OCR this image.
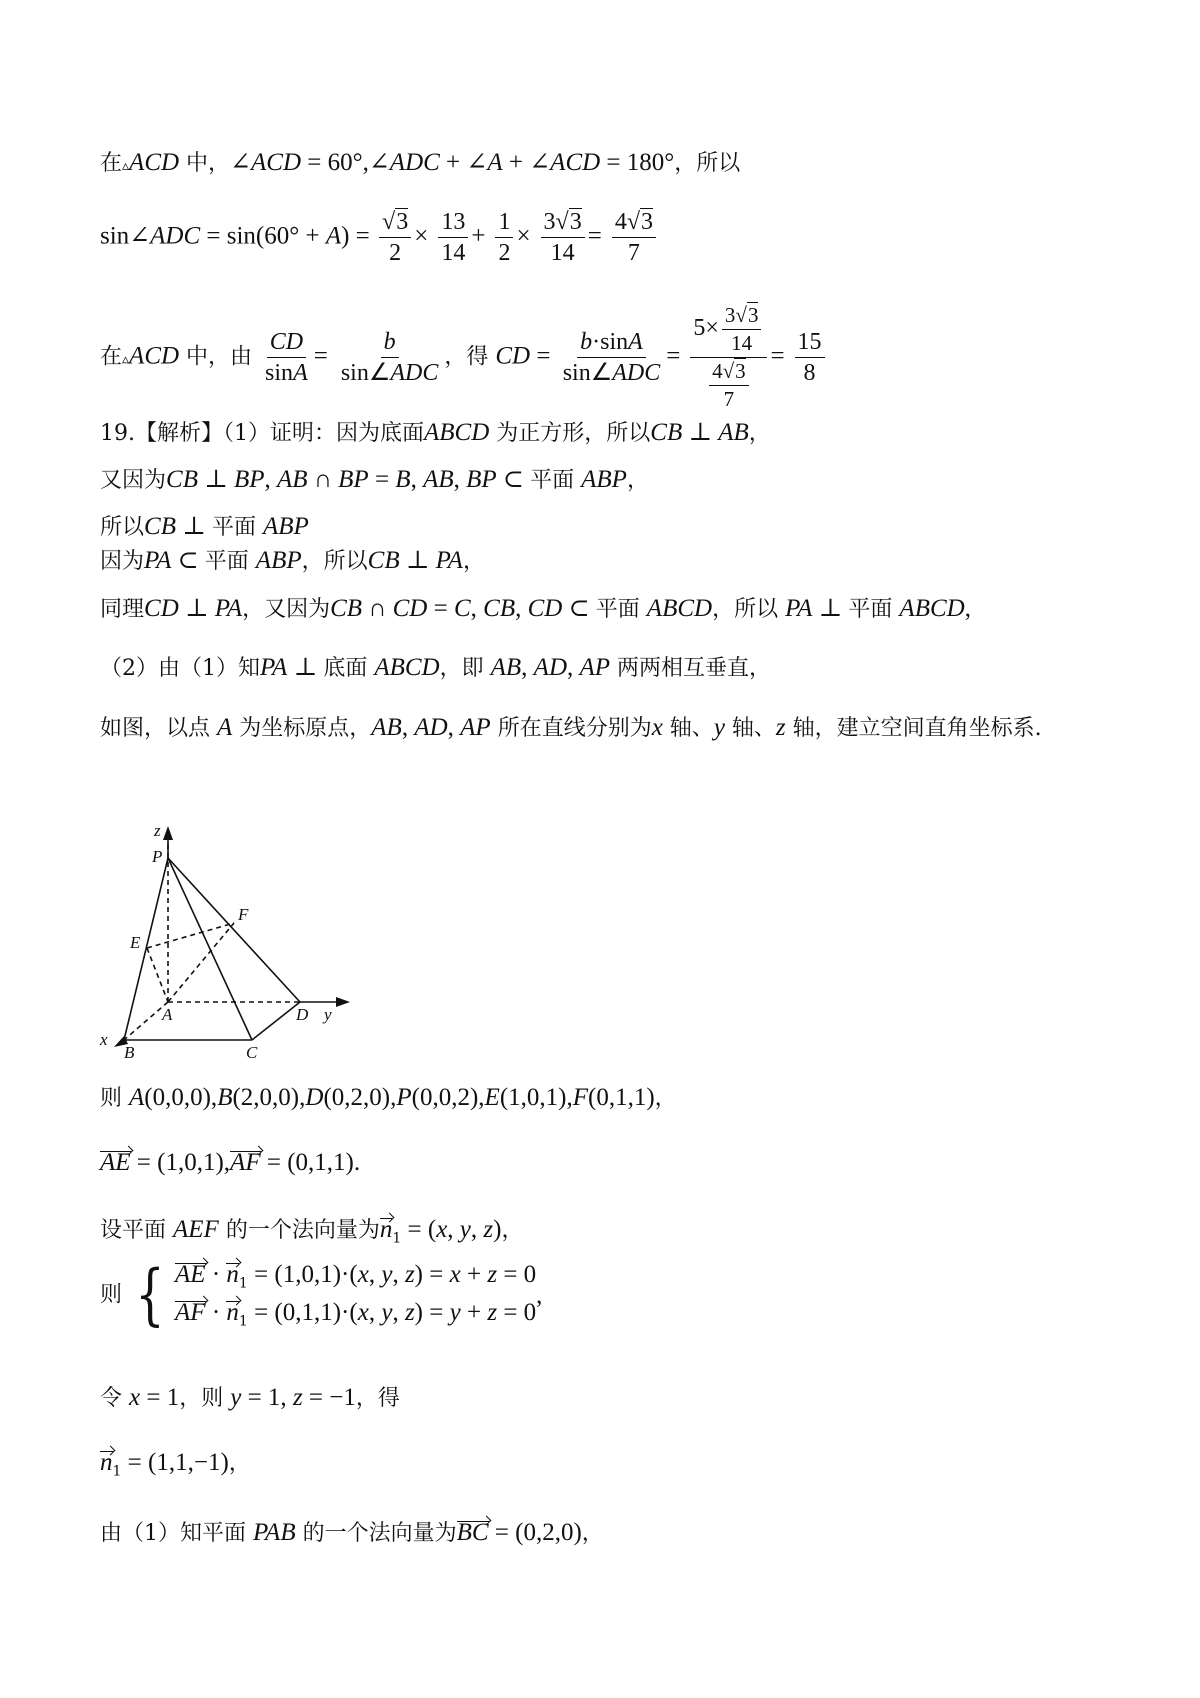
在▵ACD 中，∠ACD = 60°,∠ADC + ∠A + ∠ACD = 180°，所以
sin∠ADC = $\sin(60^\circ + A) = \frac{√3}{2} \times \frac{13}{14} + \frac{1}{2} \times \frac{3√3}{14} = \frac{4√3}{7}$
在▵ACD 中，由 $\frac{CD}{\sin A} = \frac{b}{\text{sin∠ADC}}$ ，得 CD = $\frac{b\cdot\sin A}{\text{sin∠ADC}} = \frac{5\times \frac{3√3}{14}}{\frac{4√3}{7}} = \frac{15}{8}$
19.【解析】（1）证明：因为底面ABCD 为正方形，所以CB ⊥ AB，
又因为CB ⊥ BP, AB ∩ BP = B, AB, BP ⊂ 平面 ABP，
所以CB ⊥ 平面 ABP
因为PA ⊂ 平面 ABP，所以CB ⊥ PA，
同理CD ⊥ PA，又因为CB ∩ CD = C, CB, CD ⊂ 平面 ABCD，所以 PA ⊥ 平面 ABCD,
（2）由（1）知PA ⊥ 底面 ABCD，即 AB, AD, AP 两两相互垂直，
如图，以点 A 为坐标原点，AB, AD, AP 所在直线分别为x 轴、y 轴、z 轴，建立空间直角坐标系.
z
P
F
E
A	D y
x
B	C
则 A(0,0,0),B(2,0,0),D(0,2,0),P(0,0,2),E(1,0,1),F(0,1,1)，
AE = (1,0,1),AF = (0,1,1).
设平面 AEF 的一个法向量为$n_1 = (x$, y, z)，
则 { AE · $n_1 = (1,0,1)\cdot(x$, y, z) = x + z = 0
AF · $n_1 = (0,1,1)\cdot(x$, y, z) = y + z = 0
,
令 x = 1，则 y = 1, z = −1，得
$n_1 = (1,1,-1)$，
由（1）知平面 PAB 的一个法向量为BC = (0,2,0)，
